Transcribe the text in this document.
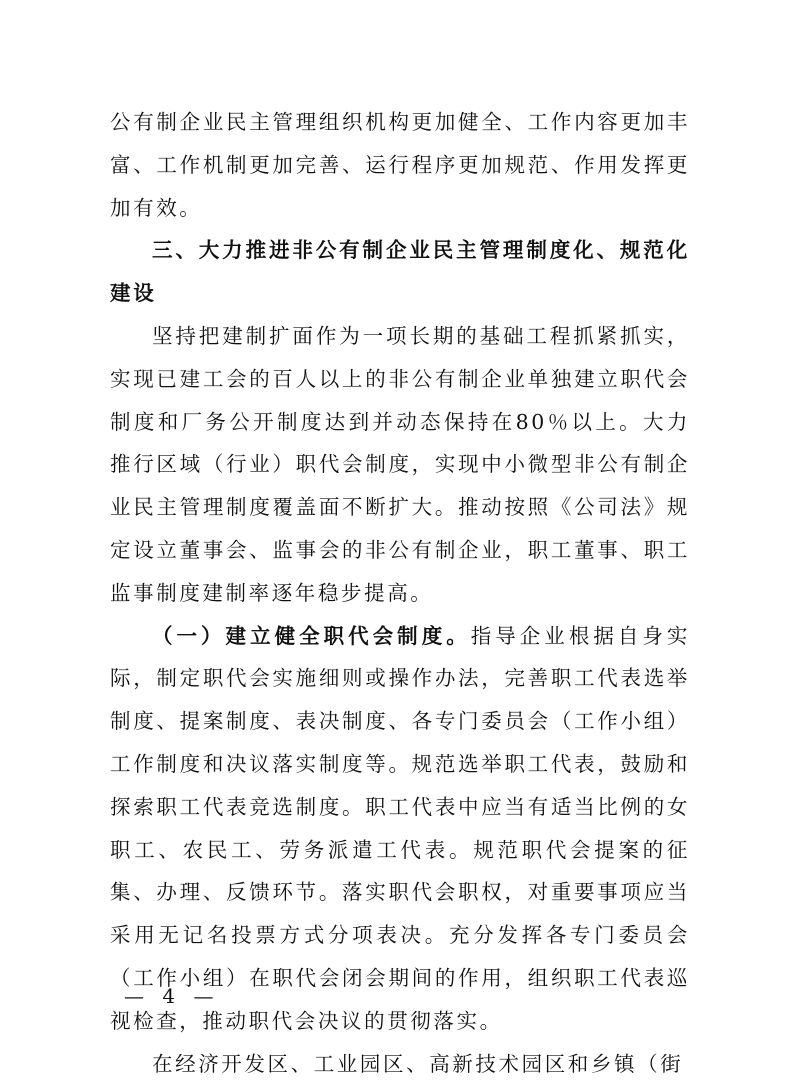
公有制企业民主管理组织机构更加健全、工作内容更加丰富、工作机制更加完善、运行程序更加规范、作用发挥更加有效。

三、大力推进非公有制企业民主管理制度化、规范化建设

坚持把建制扩面作为一项长期的基础工程抓紧抓实，实现已建工会的百人以上的非公有制企业单独建立职代会制度和厂务公开制度达到并动态保持在80％以上。大力推行区域（行业）职代会制度，实现中小微型非公有制企业民主管理制度覆盖面不断扩大。推动按照《公司法》规定设立董事会、监事会的非公有制企业，职工董事、职工监事制度建制率逐年稳步提高。

（一）建立健全职代会制度。指导企业根据自身实际，制定职代会实施细则或操作办法，完善职工代表选举制度、提案制度、表决制度、各专门委员会（工作小组）工作制度和决议落实制度等。规范选举职工代表，鼓励和探索职工代表竞选制度。职工代表中应当有适当比例的女职工、农民工、劳务派遣工代表。规范职代会提案的征集、办理、反馈环节。落实职代会职权，对重要事项应当采用无记名投票方式分项表决。充分发挥各专门委员会（工作小组）在职代会闭会期间的作用，组织职工代表巡视检查，推动职代会决议的贯彻落实。

在经济开发区、工业园区、高新技术园区和乡镇（街

— 4 —
